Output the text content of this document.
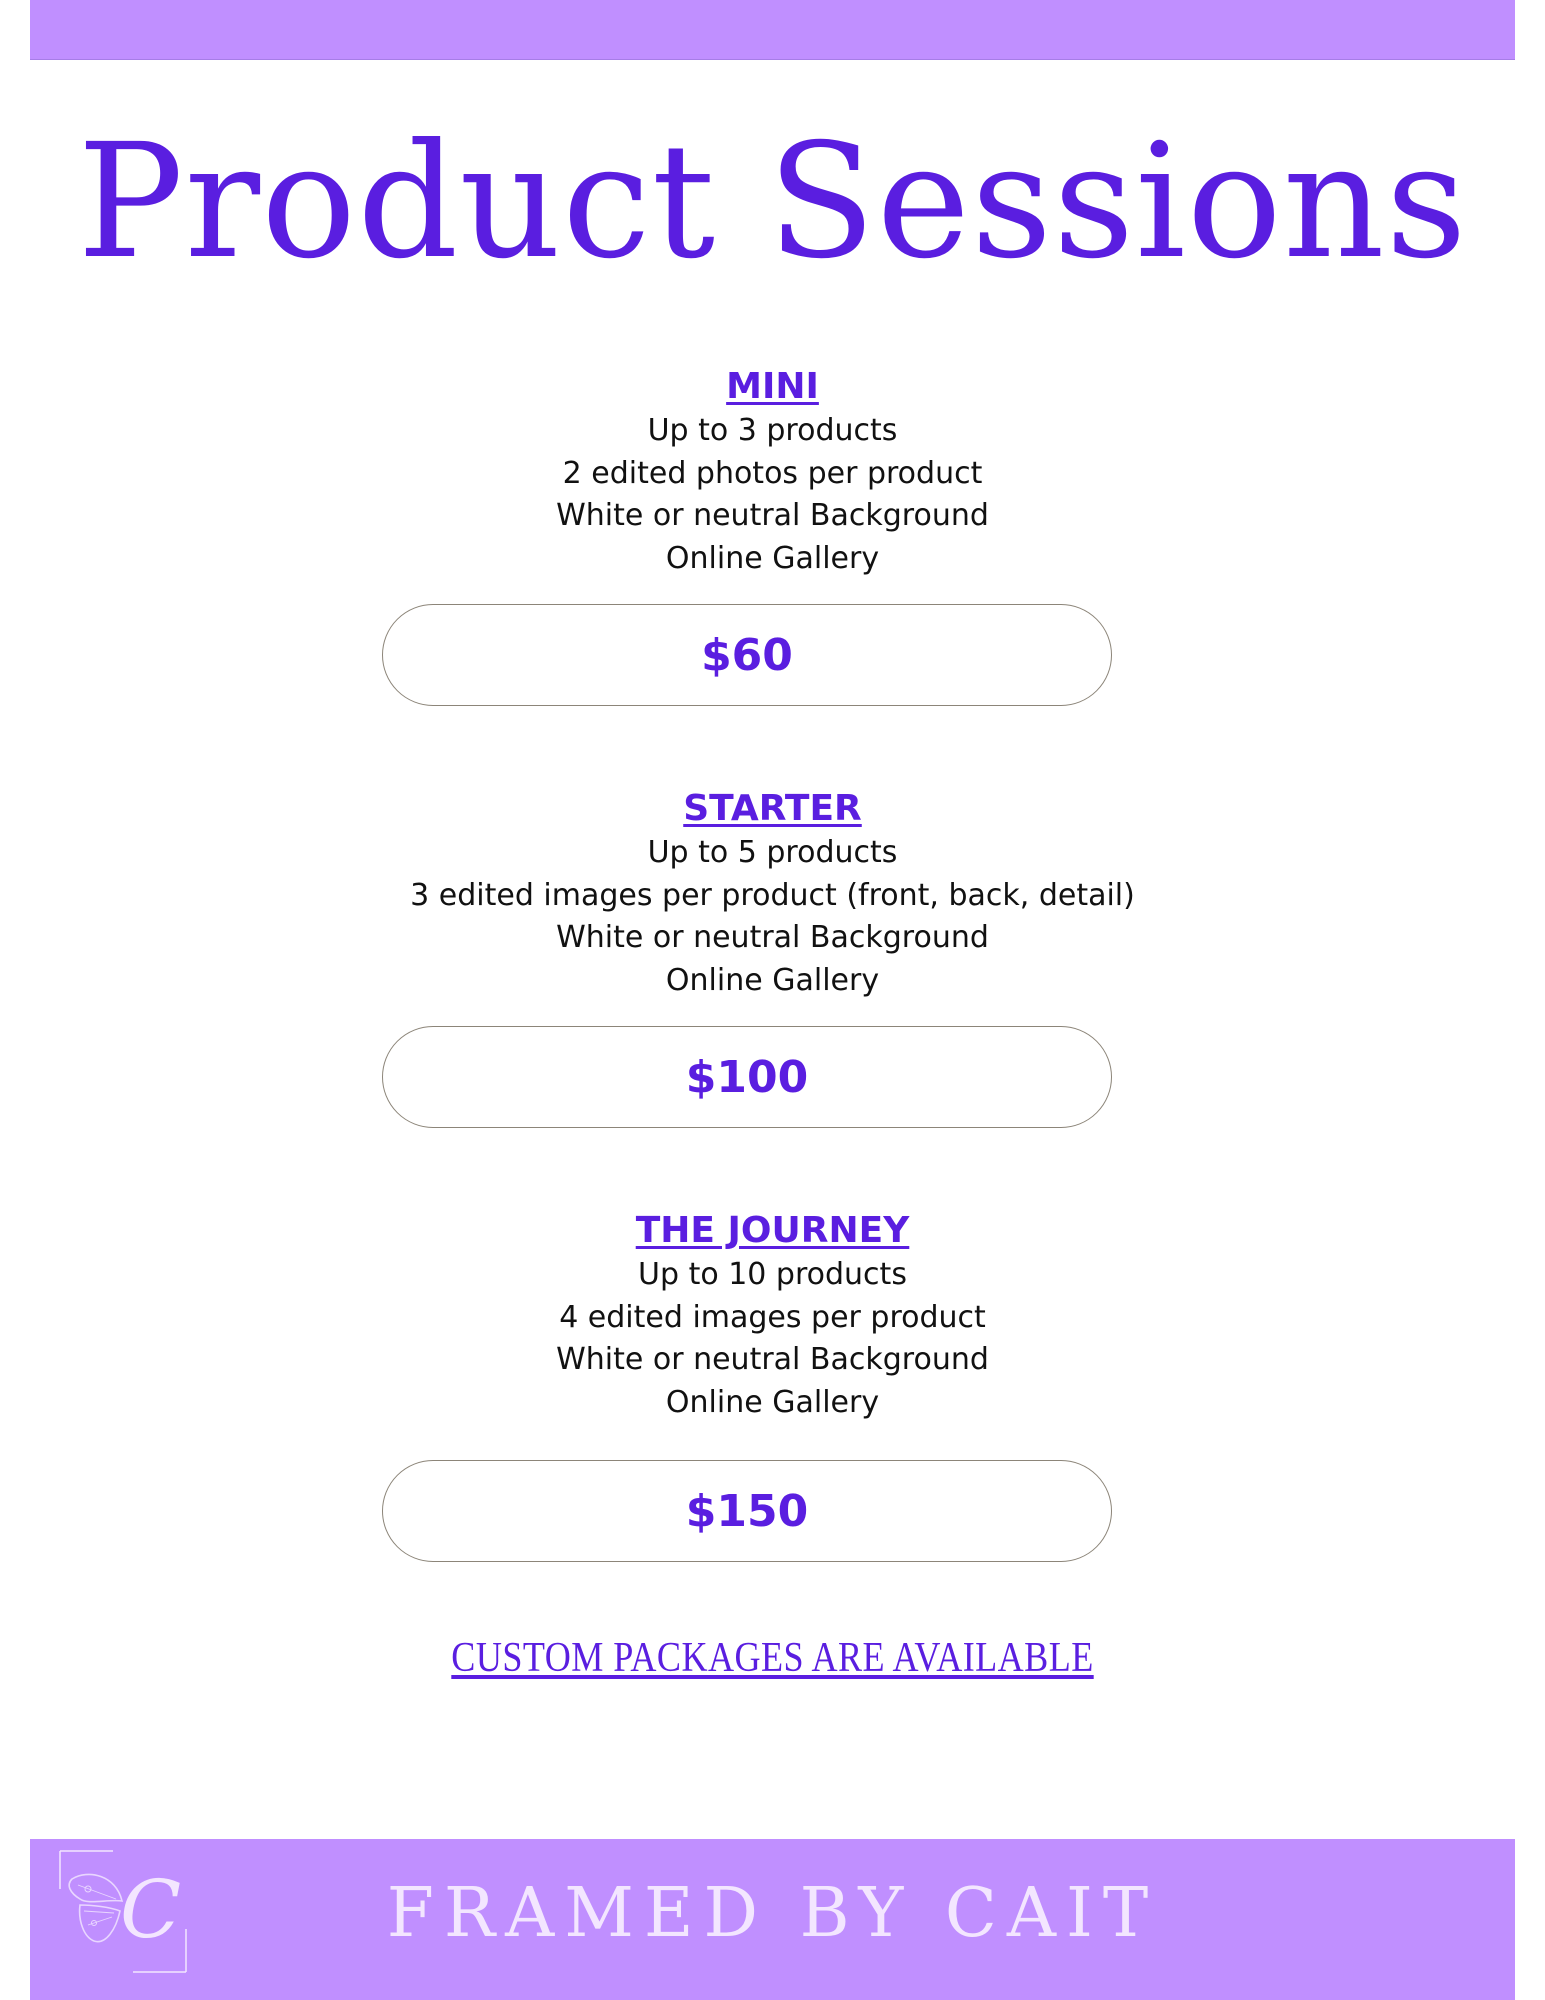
Product Sessions
MINI
Up to 3 products
2 edited photos per product
White or neutral Background
Online Gallery
$60
STARTER
Up to 5 products
3 edited images per product (front, back, detail)
White or neutral Background
Online Gallery
$100
THE JOURNEY
Up to 10 products
4 edited images per product
White or neutral Background
Online Gallery
$150
CUSTOM PACKAGES ARE AVAILABLE
C	FRAMED BY CAIT
